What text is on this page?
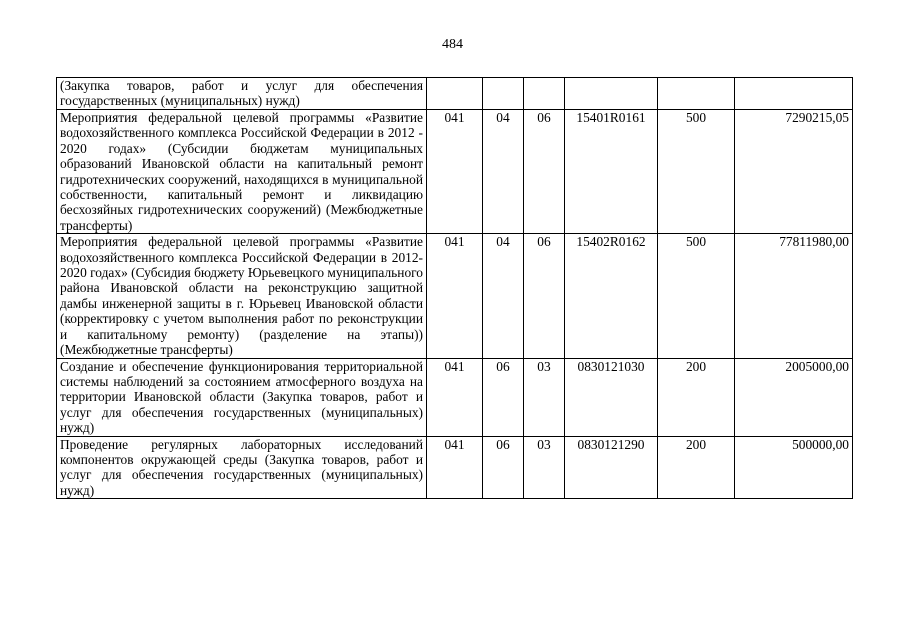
484
(Закупка товаров, работ и услуг для обеспечения государственных (муниципальных) нужд)						
Мероприятия федеральной целевой программы «Развитие водохозяйственного комплекса Российской Федерации в 2012 - 2020 годах» (Субсидии бюджетам муниципальных образований Ивановской области на капитальный ремонт гидротехнических сооружений, находящихся в муниципальной собственности, капитальный ремонт и ликвидацию бесхозяйных гидротехнических сооружений) (Межбюджетные трансферты)	041	04	06	15401R0161	500	7290215,05
Мероприятия федеральной целевой программы «Развитие водохозяйственного комплекса Российской Федерации в 2012-2020 годах» (Субсидия бюджету Юрьевецкого муниципального района Ивановской области на реконструкцию защитной дамбы инженерной защиты в г. Юрьевец Ивановской области (корректировку с учетом выполнения работ по реконструкции и капитальному ремонту) (разделение на этапы)) (Межбюджетные трансферты)	041	04	06	15402R0162	500	77811980,00
Создание и обеспечение функционирования территориальной системы наблюдений за состоянием атмосферного воздуха на территории Ивановской области (Закупка товаров, работ и услуг для обеспечения государственных (муниципальных) нужд)	041	06	03	0830121030	200	2005000,00
Проведение регулярных лабораторных исследований компонентов окружающей среды (Закупка товаров, работ и услуг для обеспечения государственных (муниципальных) нужд)	041	06	03	0830121290	200	500000,00
